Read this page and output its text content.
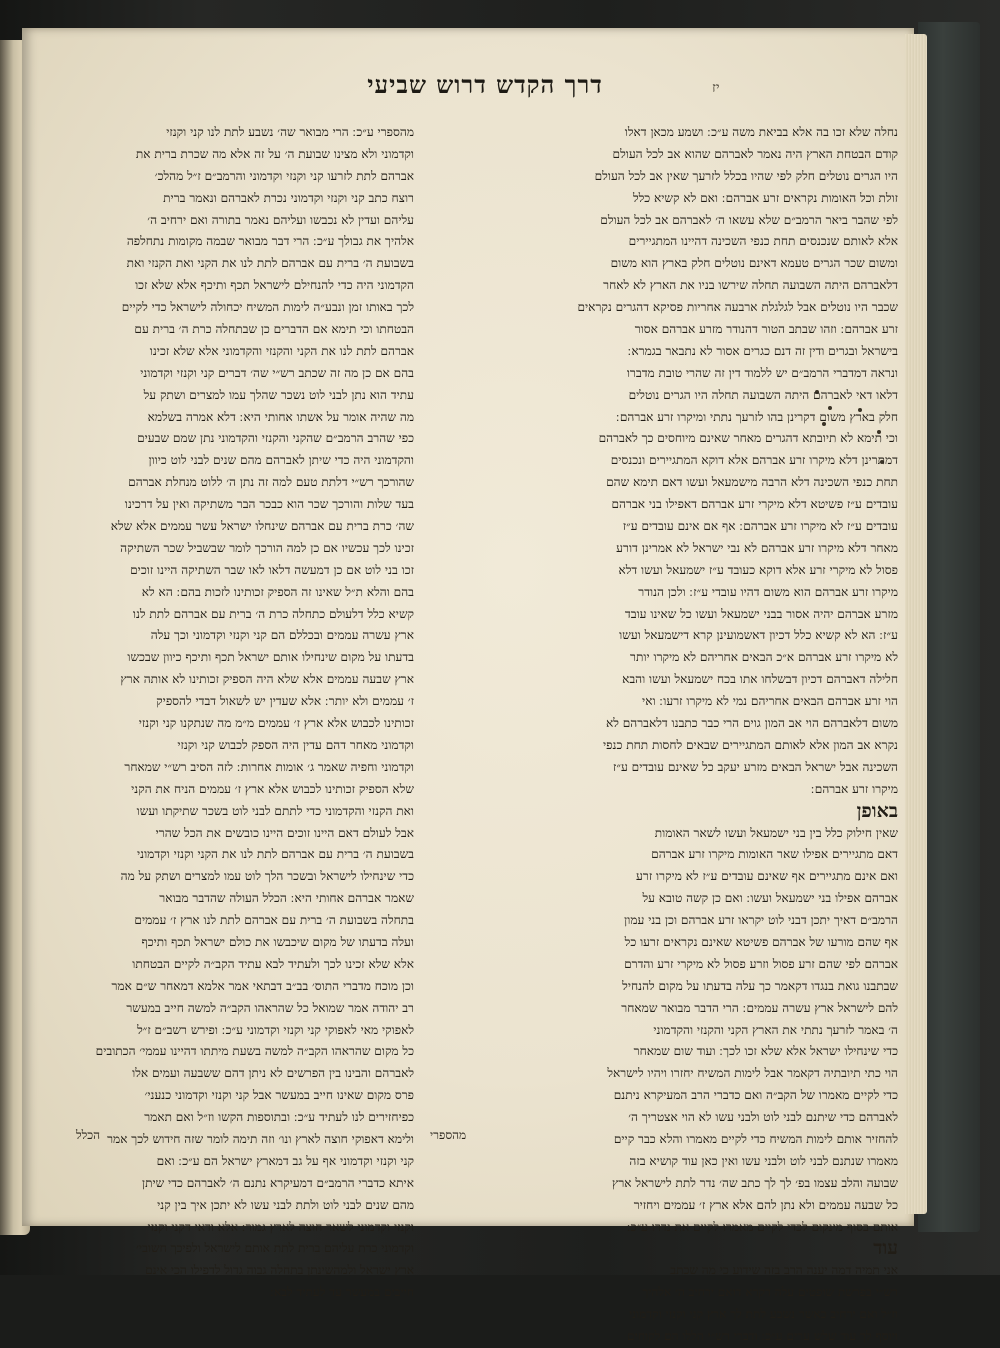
דרך הקדש דרוש שביעי	יז
נחלה שלא זכו בה אלא בביאת משה ע״כ ׃ ושמע מכאן דאלו
קודם הבטחת הארץ היה נאמר לאברהם שהוא אב לכל העולם
היו הגרים נוטלים חלק לפי שהיו בכלל לזרעך שאין אב לכל העולם
זולת וכל האומות נקראים זרע אברהם ׃ ואם לא קשיא כלל
לפי שהבר ביאר הרמב״ם שלא עשאו ה׳ לאברהם אב לכל העולם
אלא לאותם שנכנסים תחת כנפי השכינה דהיינו המתגיירים
ומשום שכר הגרים טעמא דאינם נוטלים חלק בארץ הוא משום
דלאברהם היתה השבועה תחלה שירשו בניו את הארץ לא לאחר
שכבר היו נוטלים אבל לגלגלת ארבעה אחריות פסיקא דהגרים נקראים
זרע אברהם ׃ וזהו שבתב הטור דהנודר מזרע אברהם אסור
בישראל ובגרים ודין זה דנם כגרים אסור לא נתבאר בגמרא ׃
ונראה דמדברי הרמב״ם יש ללמוד דין זה שהרי טובת מדברו
דלאו דאי לאברהם היתה השבועה תחלה היו הגרים נוטלים
חלק בארץ משום דקרינן בהו לזרעך נתתי ומיקרו זרע אברהם ׃
וכי תימא לא תיובתא דהגרים מאחר שאינם מיוחסים כך לאברהם
דמתרינן דלא מיקרו זרע אברהם אלא דוקא המתגיירים ונכנסים
תחת כנפי השכינה דלא הרבה מישמעאל ועשו דאם תימא שהם
עובדים ע״ז פשיטא דלא מיקרי זרע אברהם דאפילו בני אברהם
עובדים ע״ז לא מיקרו זרע אברהם ׃ אף אם אינם עובדים ע״ז
מאחר דלא מיקרו זרע אברהם לא נבי ישראל לא אמרינן דורע
פסול לא מיקרי זרע אלא דוקא כעובד ע״ז ישמעאל ועשו דלא
מיקרו זרע אברהם הוא משום דהיו עובדי ע״ז ׃ ולכן הנודר
מזרע אברהם יהיה אסור בבני ישמעאל ועשו כל שאינו עובד
ע״ז ׃ הא לא קשיא כלל דכיון דאשמועינן קרא דישמעאל ועשו
לא מיקרו זרע אברהם א״כ הבאים אחריהם לא מיקרו יותר
חלילה דאברהם דכיון דבשלחו אתו בכח ישמעאל ועשו והבא
הוי זרע אברהם הבאים אחריהם נמי לא מיקרו זרעו ׃ ואי
משום דלאברהם הוי אב המון גוים הרי כבר כתבנו דלאברהם לא
נקרא אב המון אלא לאותם המתגיירים שבאים לחסות תחת כנפי
השכינה אבל ישראל הבאים מזרע יעקב כל שאינם עובדים ע״ז
מיקרו זרע אברהם ׃
באופן
שאין חילוק כלל בין בני ישמעאל ועשו לשאר האומות
דאם מתגיירים אפילו שאר האומות מיקרו זרע אברהם
ואם אינם מתגיירים אף שאינם עובדים ע״ז לא מיקרו זרע
אברהם אפילו בני ישמעאל ועשו ׃ ואם כן קשה טובא על
הרמב״ם דאיך יתכן דבני לוט יקראו זרע אברהם וכן בני עמון
אף שהם מורעו של אברהם פשיטא שאינם נקראים זרעו כל
אברהם לפי שהם זרע פסול וזרע פסול לא מיקרי זרע והדרם
שבתבנו גואת בנגדו דקאמר כך עלה בדעתו על מקום להנחיל
להם לישראל ארץ עשרה עממים ׃ הרי הדבר מבואר שמאחר
ה׳ באמר לזרעך נתתי את הארץ הקני והקנזי והקדמוני
כדי שינחילו ישראל אלא שלא זכו לכך ׃ ועוד שום שמאחר
הוי כתי תיובתיה דקאמר אבל לימות המשיח יחזרו ויהיו לישראל
כדי לקיים מאמרו של הקב״ה ואם כדברי הרב המעיקרא ניתנם
לאברהם כדי שיתנם לבני לוט ולבני עשו לא הוי אצטריך ה׳
להחזיר אותם לימות המשיח כדי לקיים מאמרו והלא כבר קיים
מאמרו שנתנם לבני לוט ולבני עשו ואין כאן עוד קושיא בזה
שבועה והלב עצמו בפ׳ לך לך כתב שה׳ נדר לתת לישראל ארץ
כל שבעה עממים ולא נתן להם אלא ארץ ז׳ עממים ויחזיר
אותם בסוף מינקום לכדי לקיים מאמרו לקיים את נדרו ע״כ ׃
עוד
אני תמיה דמה יענה הרב בזה שידוע כי מה שכתב
רש״י בפרשת שופטים עלה דקרא דואם ירחיב ה׳ אלהיך
וז״ל ואם ירחיב כאשר נשבע לתת לך ארץ קני וקנזי וקדמוני
ויוסף לך עוד שלש ערים ע״כ ׃ ודברי רש״י הללו הם לקוחים
מהספרי ע״כ ׃ הרי מבואר שה׳ נשבע לתת לנו קני וקנזי
וקדמוני ולא מצינו שבועת ה׳ על זה אלא מה שכרת ברית את
אברהם לתת לזרעו קני וקנזי וקדמוני והרמב״ם ז״ל מהלכ׳
רוצח כתב קני וקנזי וקדמוני נכרת לאברהם ונאמר ברית
עליהם ועדין לא נכבשו ועליהם נאמר בתורה ואם ירחיב ה׳
אלהיך את גבולך ע״כ ׃ הרי דבר מבואר שבמה מקומות נתחלפה
בשבועת ה׳ ברית עם אברהם לתת לנו את הקני ואת הקנזי ואת
הקדמוני היה כדי להנחילם לישראל תכף ותיכף אלא שלא זכו
לכך באותו זמן ונבע״ה לימות המשיח יכחולה לישראל כדי לקיים
הבטחתו וכי תימא אם הדברים כן שבתחלה כרת ה׳ ברית עם
אברהם לתת לנו את הקני והקנזי והקדמוני אלא שלא זכינו
בהם אם כן מה זה שכתב רש״י שה׳ דברים קני וקנזי וקדמוני
עתיד הוא נתן לבני לוט נשכר שהלך עמו למצרים ושתק על
מה שהיה אומר על אשתו אחותי היא ׃ דלא אמרה בשלמא
כפי שהרב הרמב״ם שהקני והקנזי והקדמוני נתן שמם שבעים
והקדמוני היה כדי שיתן לאברהם מהם שנים לבני לוט כיוון
שהורכך רש״י דלתת טעם למה זה נתן ה׳ ללוט מנחלת אברהם
בעד שלות והורכך שכר הוא כבכר הבר משתיקה ואין על דרכינו
שה׳ כרת ברית עם אברהם שינחלו ישראל עשר עממים אלא שלא
זכינו לכך עכשיו אם כן למה הורכך לומר שבשביל שכר השתיקה
זכו בני לוט אם כן דמעשה דלאו לאו שבר השתיקה היינו זוכים
בהם והלא ת״ל שאינו זה הספיק זכותינו לזכות בהם ׃ הא לא
קשיא כלל דלעולם כתחלה כרת ה׳ ברית עם אברהם לתת לנו
ארץ עשרה עממים ובכללם הם קני וקנזי וקדמוני וכך עלה
בדעתו על מקום שינחילו אותם ישראל תכף ותיכף כיוון שבכשו
ארץ שבעה עממים אלא שלא היה הספיק זכותינו לא אותה ארץ
ז׳ עממים ולא יותר ׃ אלא שעדין יש לשאול דבדי להספיק
זכותינו לכבוש אלא ארץ ז׳ עממים מ״מ מה שנתקנו קני וקנזי
וקדמוני מאחר דהם עדין היה הספק לכבוש קני וקנזי
וקדמוני וחפיה שאמר ג׳ אומות אחרות ׃ לזה הסיב רש״י שמאחר
שלא הספיק זכותינו לכבוש אלא ארץ ז׳ עממים הניח את הקני
ואת הקנזי והקדמוני כדי לתתם לבני לוט בשכר שתיקתו ועשו
אבל לעולם דאם היינו זוכים היינו כובשים את הכל שהרי
בשבועת ה׳ ברית עם אברהם לתת לנו את הקני וקנזי וקדמוני
כדי שינחילו לישראל ובשכר הלך לוט עמו למצרים ושתק על מה
שאמר אברהם אחותי היא ׃ הכלל העולה שהדבר מבואר
בתחלה בשבועת ה׳ ברית עם אברהם לתת לנו ארץ ז׳ עממים
ועלה בדעתו של מקום שיכבשו את כולם ישראל תכף ותיכף
אלא שלא זכינו לכך ולעתיד לבא עתיד הקב״ה לקיים הבטחתו
וכן מוכח מדברי התוס׳ בב״ב דבתאי אמר אלמא דמאחר ש״ם אמר
רב יהודה אמר שמואל כל שהראהו הקב״ה למשה חייב במעשר
לאפוקי מאי לאפוקי קני וקנזי וקדמוני ע״כ ׃ ופירש רשב״ם ז״ל
כל מקום שהראהו הקב״ה למשה בשעת מיתתו דהיינו עממי׳ הכתובים
לאברהם והבינו בין הפרשים לא ניתן דהם ששבעה ועמים אלו
פרס מקום שאינו חייב במעשר אבל קני וקנזי וקדמוני כנעני׳
כפיחזירים לנו לעתיד ע״כ ׃ ובתוספות הקשו וז״ל ואם תאמר
ולימא דאפוקי חוצה לארץ ונו׳ וזה תימה לומר שזה חידוש לכך אמר
קני וקנזי וקדמוני אף על גב דמארץ ישראל הם ע״כ ׃ ואם
איתא כדברי הרמב״ם דמעיקרא נתנם ה׳ לאברהם כדי שיתן
מהם שנים לבני לוט ולתת לבני עשו לא יתכן איך בין קני
וקנזי וקדמוני לשאר חוצה לארץ גמור ׃ אלא ודאי דקני וקנזי
וקדמוני כרת עליהם ברית לתת אותם לישראל ולפיכך חשובי׳
ארץ ישראל ולמהשינתן בתחלה גבוה גדול לדפילו הכי אינם
חייבים במעשר עד לעתיד לבא ׃
מהספרי
הכלל
